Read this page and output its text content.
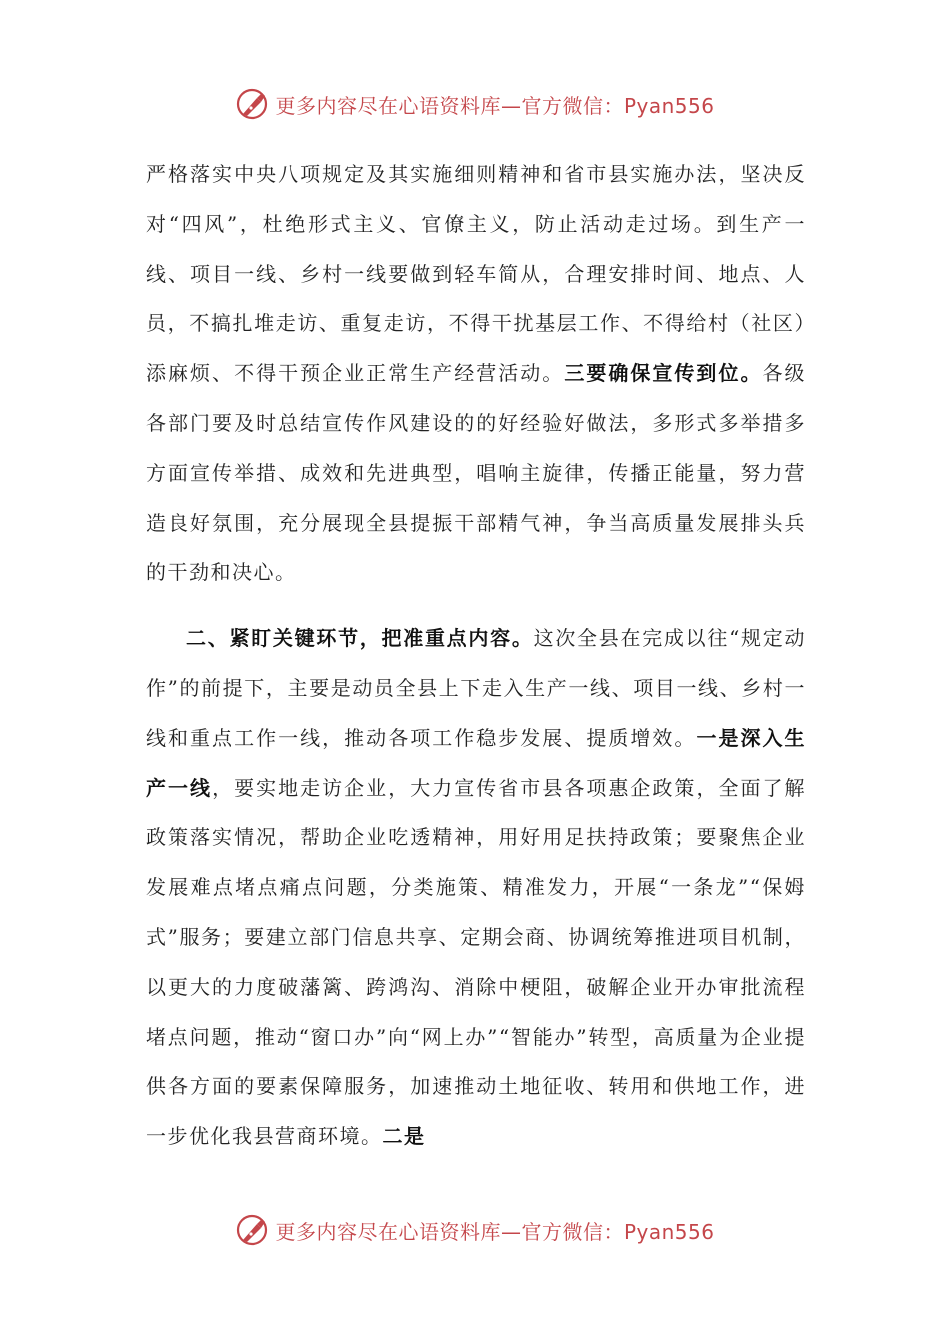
更多内容尽在心语资料库—官方微信：Pyan556

严格落实中央八项规定及其实施细则精神和省市县实施办法，坚决反对“四风”，杜绝形式主义、官僚主义，防止活动走过场。到生产一线、项目一线、乡村一线要做到轻车简从，合理安排时间、地点、人员，不搞扎堆走访、重复走访，不得干扰基层工作、不得给村（社区）添麻烦、不得干预企业正常生产经营活动。三要确保宣传到位。各级各部门要及时总结宣传作风建设的的好经验好做法，多形式多举措多方面宣传举措、成效和先进典型，唱响主旋律，传播正能量，努力营造良好氛围，充分展现全县提振干部精气神，争当高质量发展排头兵的干劲和决心。

二、紧盯关键环节，把准重点内容。这次全县在完成以往“规定动作”的前提下，主要是动员全县上下走入生产一线、项目一线、乡村一线和重点工作一线，推动各项工作稳步发展、提质增效。一是深入生产一线，要实地走访企业，大力宣传省市县各项惠企政策，全面了解政策落实情况，帮助企业吃透精神，用好用足扶持政策；要聚焦企业发展难点堵点痛点问题，分类施策、精准发力，开展“一条龙”“保姆式”服务；要建立部门信息共享、定期会商、协调统筹推进项目机制，以更大的力度破藩篱、跨鸿沟、消除中梗阻，破解企业开办审批流程堵点问题，推动“窗口办”向“网上办”“智能办”转型，高质量为企业提供各方面的要素保障服务，加速推动土地征收、转用和供地工作，进一步优化我县营商环境。二是

更多内容尽在心语资料库—官方微信：Pyan556
